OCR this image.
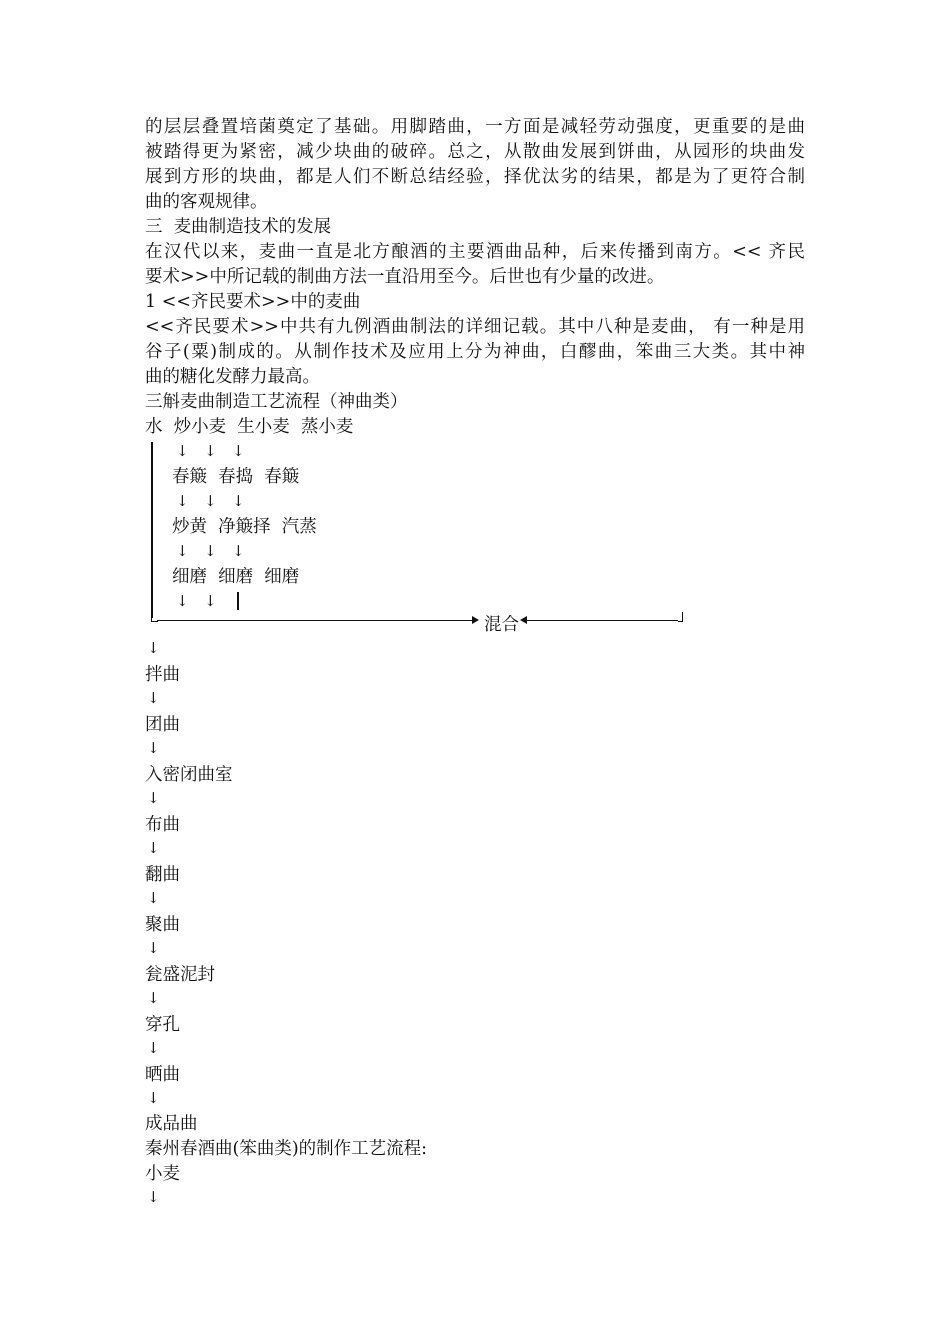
的层层叠置培菌奠定了基础。用脚踏曲，一方面是减轻劳动强度，更重要的是曲

被踏得更为紧密，减少块曲的破碎。总之，从散曲发展到饼曲，从园形的块曲发

展到方形的块曲，都是人们不断总结经验，择优汰劣的结果，都是为了更符合制

曲的客观规律。

三  麦曲制造技术的发展

在汉代以来，麦曲一直是北方酿酒的主要酒曲品种，后来传播到南方。<< 齐民

要术>>中所记载的制曲方法一直沿用至今。后世也有少量的改进。

1 <<齐民要术>>中的麦曲

<<齐民要术>>中共有九例酒曲制法的详细记载。其中八种是麦曲， 有一种是用

谷子(粟)制成的。从制作技术及应用上分为神曲，白醪曲，笨曲三大类。其中神

曲的糖化发酵力最高。

三斛麦曲制造工艺流程（神曲类）

水  炒小麦  生小麦  蒸小麦

↓ ↓ ↓

春簸  春捣  春簸

↓ ↓ ↓

炒黄  净簸择  汽蒸

↓ ↓ ↓

细磨  细磨  细磨

↓ ↓

混合

↓

拌曲

↓

团曲

↓

入密闭曲室

↓

布曲

↓

翻曲

↓

聚曲

↓

瓮盛泥封

↓

穿孔

↓

晒曲

↓

成品曲

秦州春酒曲(笨曲类)的制作工艺流程:

小麦

↓
